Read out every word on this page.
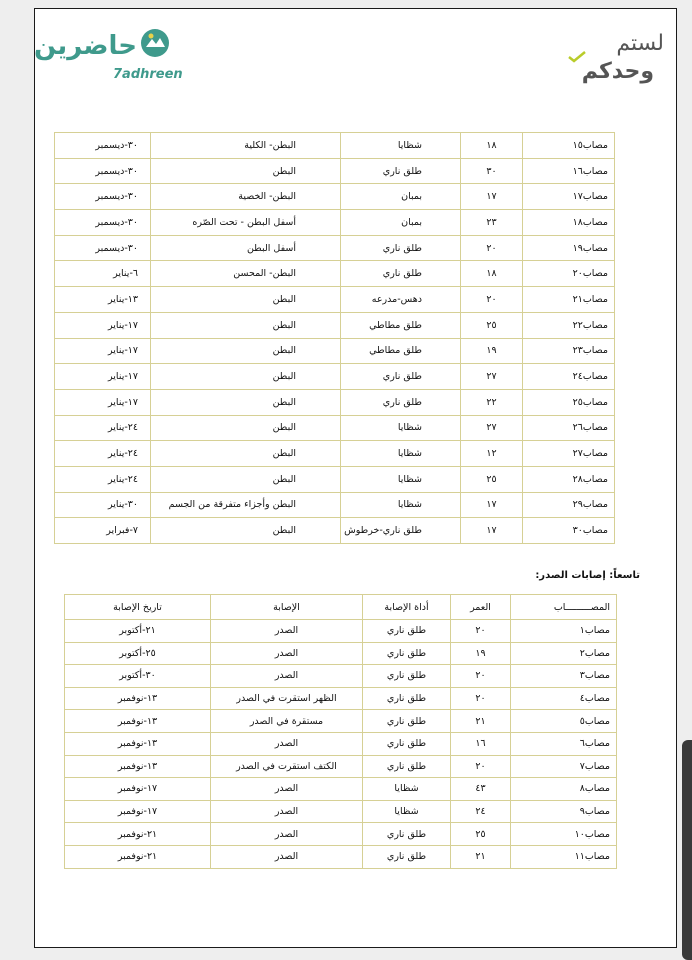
حاضرين
7adhreen
لستم
وحدكم
مصاب١٥	١٨	شظايا	البطن- الكلية	٣٠-ديسمبر
مصاب١٦	٣٠	طلق ناري	البطن	٣٠-ديسمبر
مصاب١٧	١٧	بمبان	البطن- الخصية	٣٠-ديسمبر
مصاب١٨	٢٣	بمبان	أسفل البطن - تحت الصّره	٣٠-ديسمبر
مصاب١٩	٢٠	طلق ناري	أسفل البطن	٣٠-ديسمبر
مصاب٢٠	١٨	طلق ناري	البطن- المحسن	٦-يناير
مصاب٢١	٢٠	دهس-مدرعه	البطن	١٣-يناير
مصاب٢٢	٢٥	طلق مطاطي	البطن	١٧-يناير
مصاب٢٣	١٩	طلق مطاطي	البطن	١٧-يناير
مصاب٢٤	٢٧	طلق ناري	البطن	١٧-يناير
مصاب٢٥	٢٢	طلق ناري	البطن	١٧-يناير
مصاب٢٦	٢٧	شظايا	البطن	٢٤-يناير
مصاب٢٧	١٢	شظايا	البطن	٢٤-يناير
مصاب٢٨	٢٥	شظايا	البطن	٢٤-يناير
مصاب٢٩	١٧	شظايا	البطن وأجزاء متفرقة من الجسم	٣٠-يناير
مصاب٣٠	١٧	طلق ناري-خرطوش	البطن	٧-فبراير
تاسعاً: إصابات الصدر:
المصـــــــــاب	العمر	أداة الإصابة	الإصابة	تاريخ الإصابة
مصاب١	٢٠	طلق ناري	الصدر	٢١-أكتوبر
مصاب٢	١٩	طلق ناري	الصدر	٢٥-أكتوبر
مصاب٣	٢٠	طلق ناري	الصدر	٣٠-أكتوبر
مصاب٤	٢٠	طلق ناري	الظهر استقرت في الصدر	١٣-نوفمبر
مصاب٥	٢١	طلق ناري	مستقرة في الصدر	١٣-نوفمبر
مصاب٦	١٦	طلق ناري	الصدر	١٣-نوفمبر
مصاب٧	٢٠	طلق ناري	الكتف استقرت في الصدر	١٣-نوفمبر
مصاب٨	٤٣	شظايا	الصدر	١٧-نوفمبر
مصاب٩	٢٤	شظايا	الصدر	١٧-نوفمبر
مصاب١٠	٢٥	طلق ناري	الصدر	٢١-نوفمبر
مصاب١١	٢١	طلق ناري	الصدر	٢١-نوفمبر
